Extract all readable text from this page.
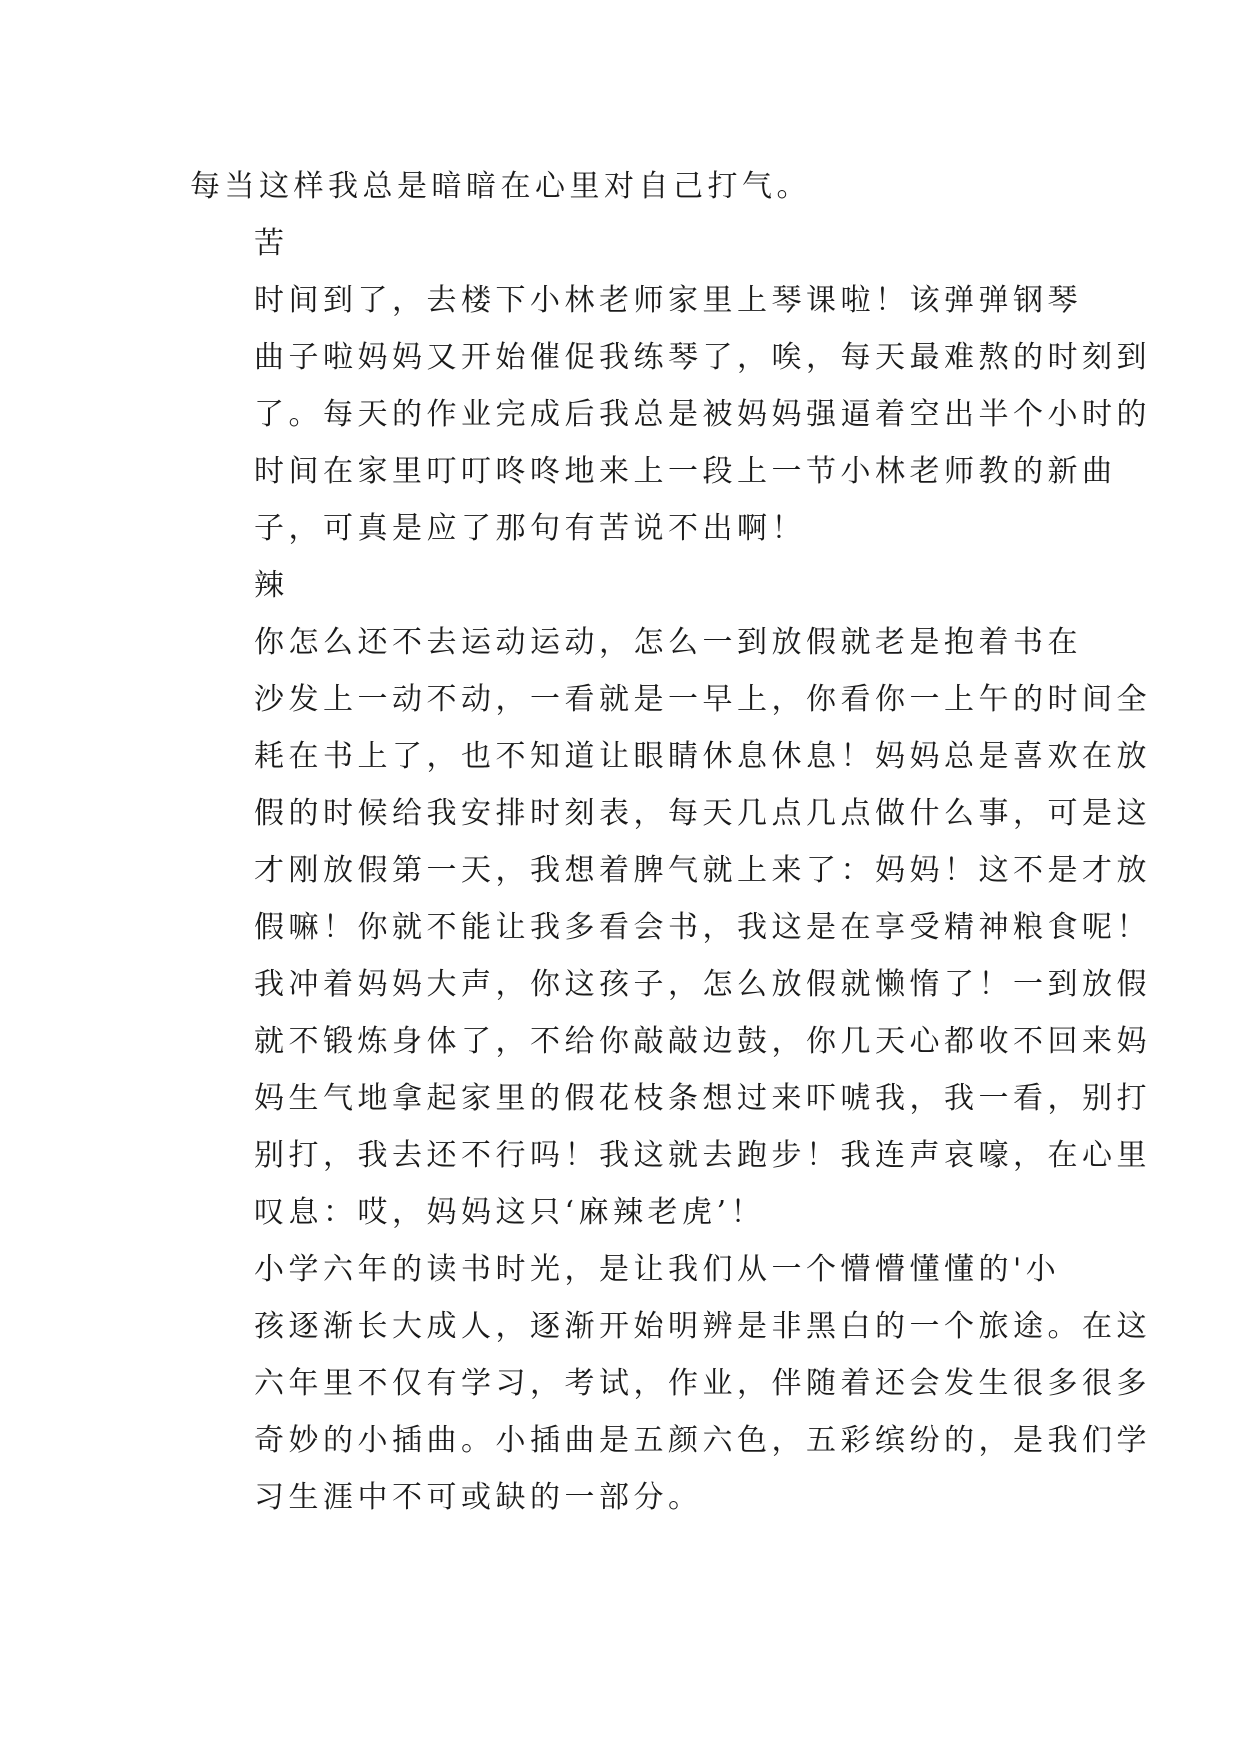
每当这样我总是暗暗在心里对自己打气。
苦
时间到了，去楼下小林老师家里上琴课啦！该弹弹钢琴
曲子啦妈妈又开始催促我练琴了，唉，每天最难熬的时刻到
了。每天的作业完成后我总是被妈妈强逼着空出半个小时的
时间在家里叮叮咚咚地来上一段上一节小林老师教的新曲
子，可真是应了那句有苦说不出啊！
辣
你怎么还不去运动运动，怎么一到放假就老是抱着书在
沙发上一动不动，一看就是一早上，你看你一上午的时间全
耗在书上了，也不知道让眼睛休息休息！妈妈总是喜欢在放
假的时候给我安排时刻表，每天几点几点做什么事，可是这
才刚放假第一天，我想着脾气就上来了：妈妈！这不是才放
假嘛！你就不能让我多看会书，我这是在享受精神粮食呢！
我冲着妈妈大声，你这孩子，怎么放假就懒惰了！一到放假
就不锻炼身体了，不给你敲敲边鼓，你几天心都收不回来妈
妈生气地拿起家里的假花枝条想过来吓唬我，我一看，别打
别打，我去还不行吗！我这就去跑步！我连声哀嚎，在心里
叹息：哎，妈妈这只‘麻辣老虎’！
小学六年的读书时光，是让我们从一个懵懵懂懂的'小
孩逐渐长大成人，逐渐开始明辨是非黑白的一个旅途。在这
六年里不仅有学习，考试，作业，伴随着还会发生很多很多
奇妙的小插曲。小插曲是五颜六色，五彩缤纷的，是我们学
习生涯中不可或缺的一部分。
